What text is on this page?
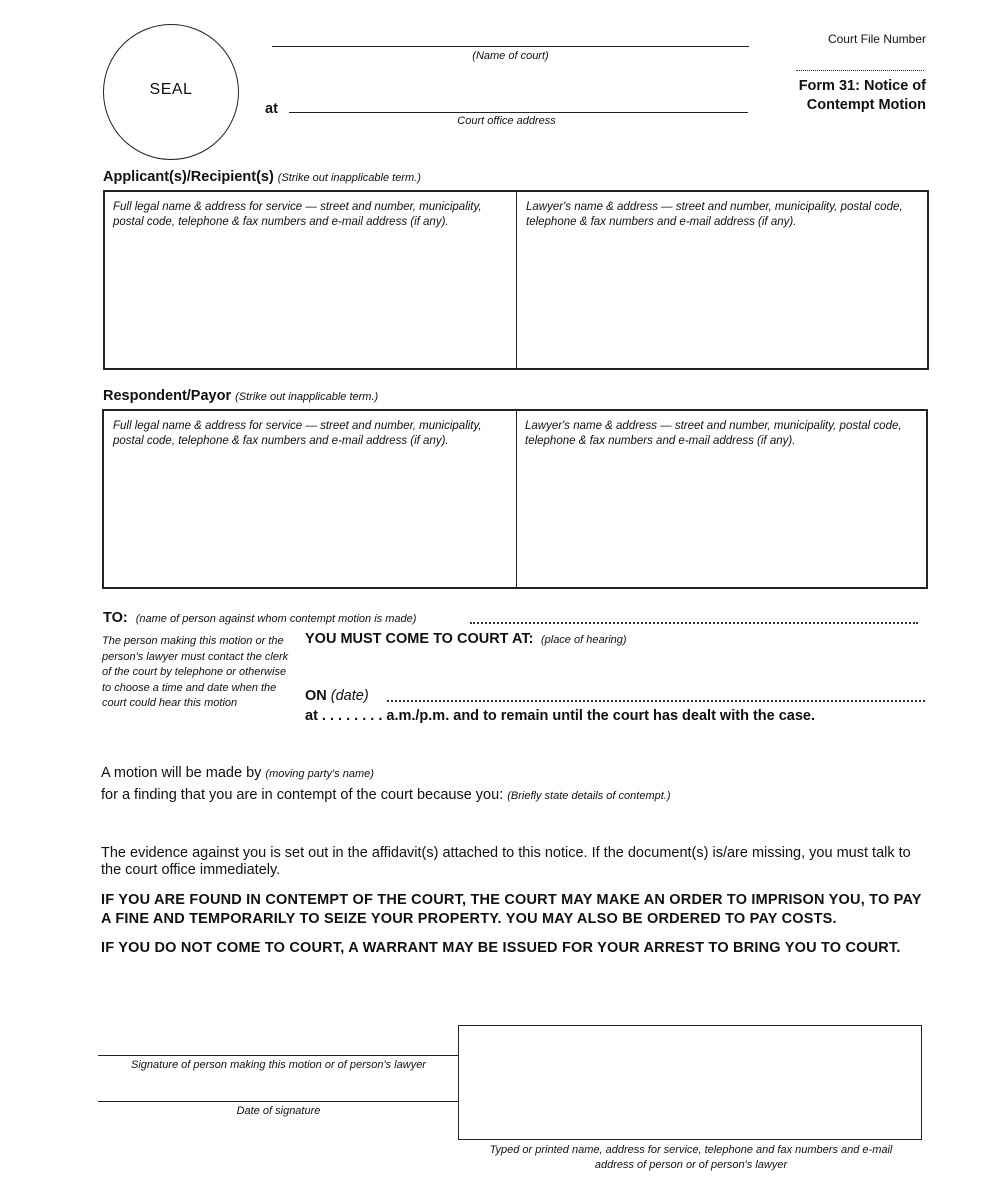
SEAL
(Name of court)
at
Court office address
Court File Number
Form 31: Notice of
Contempt Motion
Applicant(s)/Recipient(s) (Strike out inapplicable term.)
Full legal name & address for service — street and number, municipality, postal code, telephone & fax numbers and e-mail address (if any).
Lawyer's name & address — street and number, municipality, postal code, telephone & fax numbers and e-mail address (if any).
Respondent/Payor (Strike out inapplicable term.)
Full legal name & address for service — street and number, municipality, postal code, telephone & fax numbers and e-mail address (if any).
Lawyer's name & address — street and number, municipality, postal code, telephone & fax numbers and e-mail address (if any).
TO: (name of person against whom contempt motion is made)
The person making this motion or the person's lawyer must contact the clerk of the court by telephone or otherwise to choose a time and date when the court could hear this motion
YOU MUST COME TO COURT AT: (place of hearing)
ON (date)
at . . . . . . . . a.m./p.m. and to remain until the court has dealt with the case.
A motion will be made by (moving party's name)
for a finding that you are in contempt of the court because you: (Briefly state details of contempt.)
The evidence against you is set out in the affidavit(s) attached to this notice. If the document(s) is/are missing, you must talk to the court office immediately.
IF YOU ARE FOUND IN CONTEMPT OF THE COURT, THE COURT MAY MAKE AN ORDER TO IMPRISON YOU, TO PAY A FINE AND TEMPORARILY TO SEIZE YOUR PROPERTY. YOU MAY ALSO BE ORDERED TO PAY COSTS.
IF YOU DO NOT COME TO COURT, A WARRANT MAY BE ISSUED FOR YOUR ARREST TO BRING YOU TO COURT.
Signature of person making this motion or of person's lawyer
Date of signature
Typed or printed name, address for service, telephone and fax numbers and e-mail
address of person or of person's lawyer
